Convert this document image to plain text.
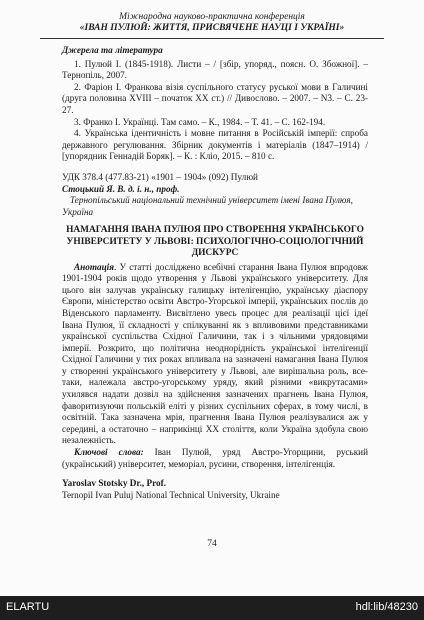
Міжнародна науково-практична конференція
«ІВАН ПУЛЮЙ: ЖИТТЯ, ПРИСВЯЧЕНЕ НАУЦІ І УКРАЇНІ»

Джерела та література

1. Пулюй І. (1845-1918). Листи – / [збір, упоряд., поясн. О. Збожної]. – Тернопіль, 2007.

2. Фаріон І. Франкова візія суспільного статусу руської мови в Галичині (друга половина XVIII – початок XX ст.) // Дивослово. – 2007. – N3. – С. 23-27.

3. Франко І. Українці. Там само. – К., 1984. – Т. 41. – С. 162-194.

4. Українська ідентичність і мовне питання в Російській імперії: спроба державного регулювання. Збірник документів і матеріалів (1847–1914) / [упорядник Геннадій Боряк]. – К. : Кліо, 2015. – 810 с.

УДК 378.4 (477.83-21) «1901 – 1904» (092) Пулюй

Стоцький Я. В. д. і. н., проф.

Тернопільський національний технічний університет імені Івана Пулюя, Україна

НАМАГАННЯ ІВАНА ПУЛЮЯ ПРО СТВОРЕННЯ УКРАЇНСЬКОГО УНІВЕРСИТЕТУ У ЛЬВОВІ: ПСИХОЛОГІЧНО-СОЦІОЛОГІЧНИЙ ДИСКУРС

Анотація. У статті досліджено всебічні старання Івана Пулюя впродовж 1901-1904 років щодо утворення у Львові українського університету. Для цього він залучав українську галицьку інтелігенцію, українську діаспору Європи, міністерство освіти Австро-Угорської імперії, українських послів до Віденського парламенту. Висвітлено увесь процес для реалізації цієї ідеї Івана Пулюя, її складності у спілкуванні як з впливовими представниками української суспільства Східної Галичини, так і з чільними урядовцями імперії. Розкрито, що політична неоднорідність української інтелігенції Східної Галичини у тих роках впливала на зазначені намагання Івана Пулюя у створенні українського університету у Львові, але вирішальна роль, все-таки, належала австро-угорському уряду, який різними «викрутасами» ухилявся надати дозвіл на здійснення зазначених прагнень Івана Пулюя, фаворитизуючи польській еліті у різних суспільних сферах, в тому числі, в освітній. Така зазначена мрія, прагнення Івана Пулюя реалізувалися аж у середині, а остаточно – наприкінці XX століття, коли Україна здобула свою незалежність.

Ключові слова: Іван Пулюй, уряд Австро-Угорщини, руський (український) університет, меморіал, русини, створення, інтелігенція.

Yaroslav Stotsky Dr., Prof.

Ternopil Ivan Puluj National Technical University, Ukraine

74
ELARTU	hdl:lib/48230
